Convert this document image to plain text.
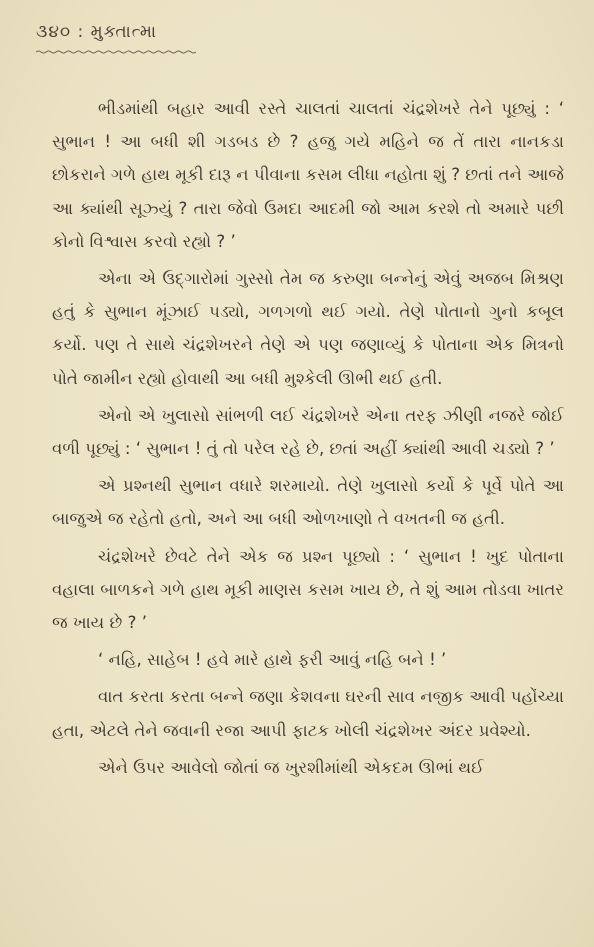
૩૪૦ : મુક્તાત્મા

ભીડમાંથી બહાર આવી રસ્તે ચાલતાં ચાલતાં ચંદ્રશેખરે તેને પૂછ્યું : ‘ સુભાન ! આ બધી શી ગડબડ છે ? હજુ ગયે મહિને જ તેં તારા નાનકડા છોકરાને ગળે હાથ મૂકી દારૂ ન પીવાના કસમ લીધા નહોતા શું ? છતાં તને આજે આ ક્યાંથી સૂઝ્યું ? તારા જેવો ઉમદા આદમી જો આમ કરશે તો અમારે પછી કોનો વિશ્વાસ કરવો રહ્યો ? ’

એના એ ઉદ્‌ગારોમાં ગુસ્સો તેમ જ કરુણા બન્નેનું એવું અજબ મિશ્રણ હતું કે સુભાન મૂંઝાઈ પડ્યો, ગળગળો થઈ ગયો. તેણે પોતાનો ગુનો કબૂલ કર્યો. પણ તે સાથે ચંદ્રશેખરને તેણે એ પણ જણાવ્યું કે પોતાના એક મિત્રનો પોતે જામીન રહ્યો હોવાથી આ બધી મુશ્કેલી ઊભી થઈ હતી.

એનો એ ખુલાસો સાંભળી લઈ ચંદ્રશેખરે એના તરફ ઝીણી નજરે જોઈ વળી પૂછ્યું : ‘ સુભાન ! તું તો પરેલ રહે છે, છતાં અહીં ક્યાંથી આવી ચડ્યો ? ’

એ પ્રશ્નથી સુભાન વધારે શરમાયો. તેણે ખુલાસો કર્યો કે પૂર્વે પોતે આ બાજુએ જ રહેતો હતો, અને આ બધી ઓળખાણો તે વખતની જ હતી.

ચંદ્રશેખરે છેવટે તેને એક જ પ્રશ્ન પૂછ્યો : ‘ સુભાન ! ખુદ પોતાના વહાલા બાળકને ગળે હાથ મૂકી માણસ કસમ ખાય છે, તે શું આમ તોડવા ખાતર જ ખાય છે ? ’

‘ નહિ, સાહેબ ! હવે મારે હાથે ફરી આવું નહિ બને ! ’

વાત કરતા કરતા બન્ને જણા કેશવના ઘરની સાવ નજીક આવી પહોંચ્યા હતા, એટલે તેને જવાની રજા આપી ફાટક ખોલી ચંદ્રશેખર અંદર પ્રવેશ્યો.

એને ઉપર આવેલો જોતાં જ ખુરશીમાંથી એકદમ ઊભાં થઈ
